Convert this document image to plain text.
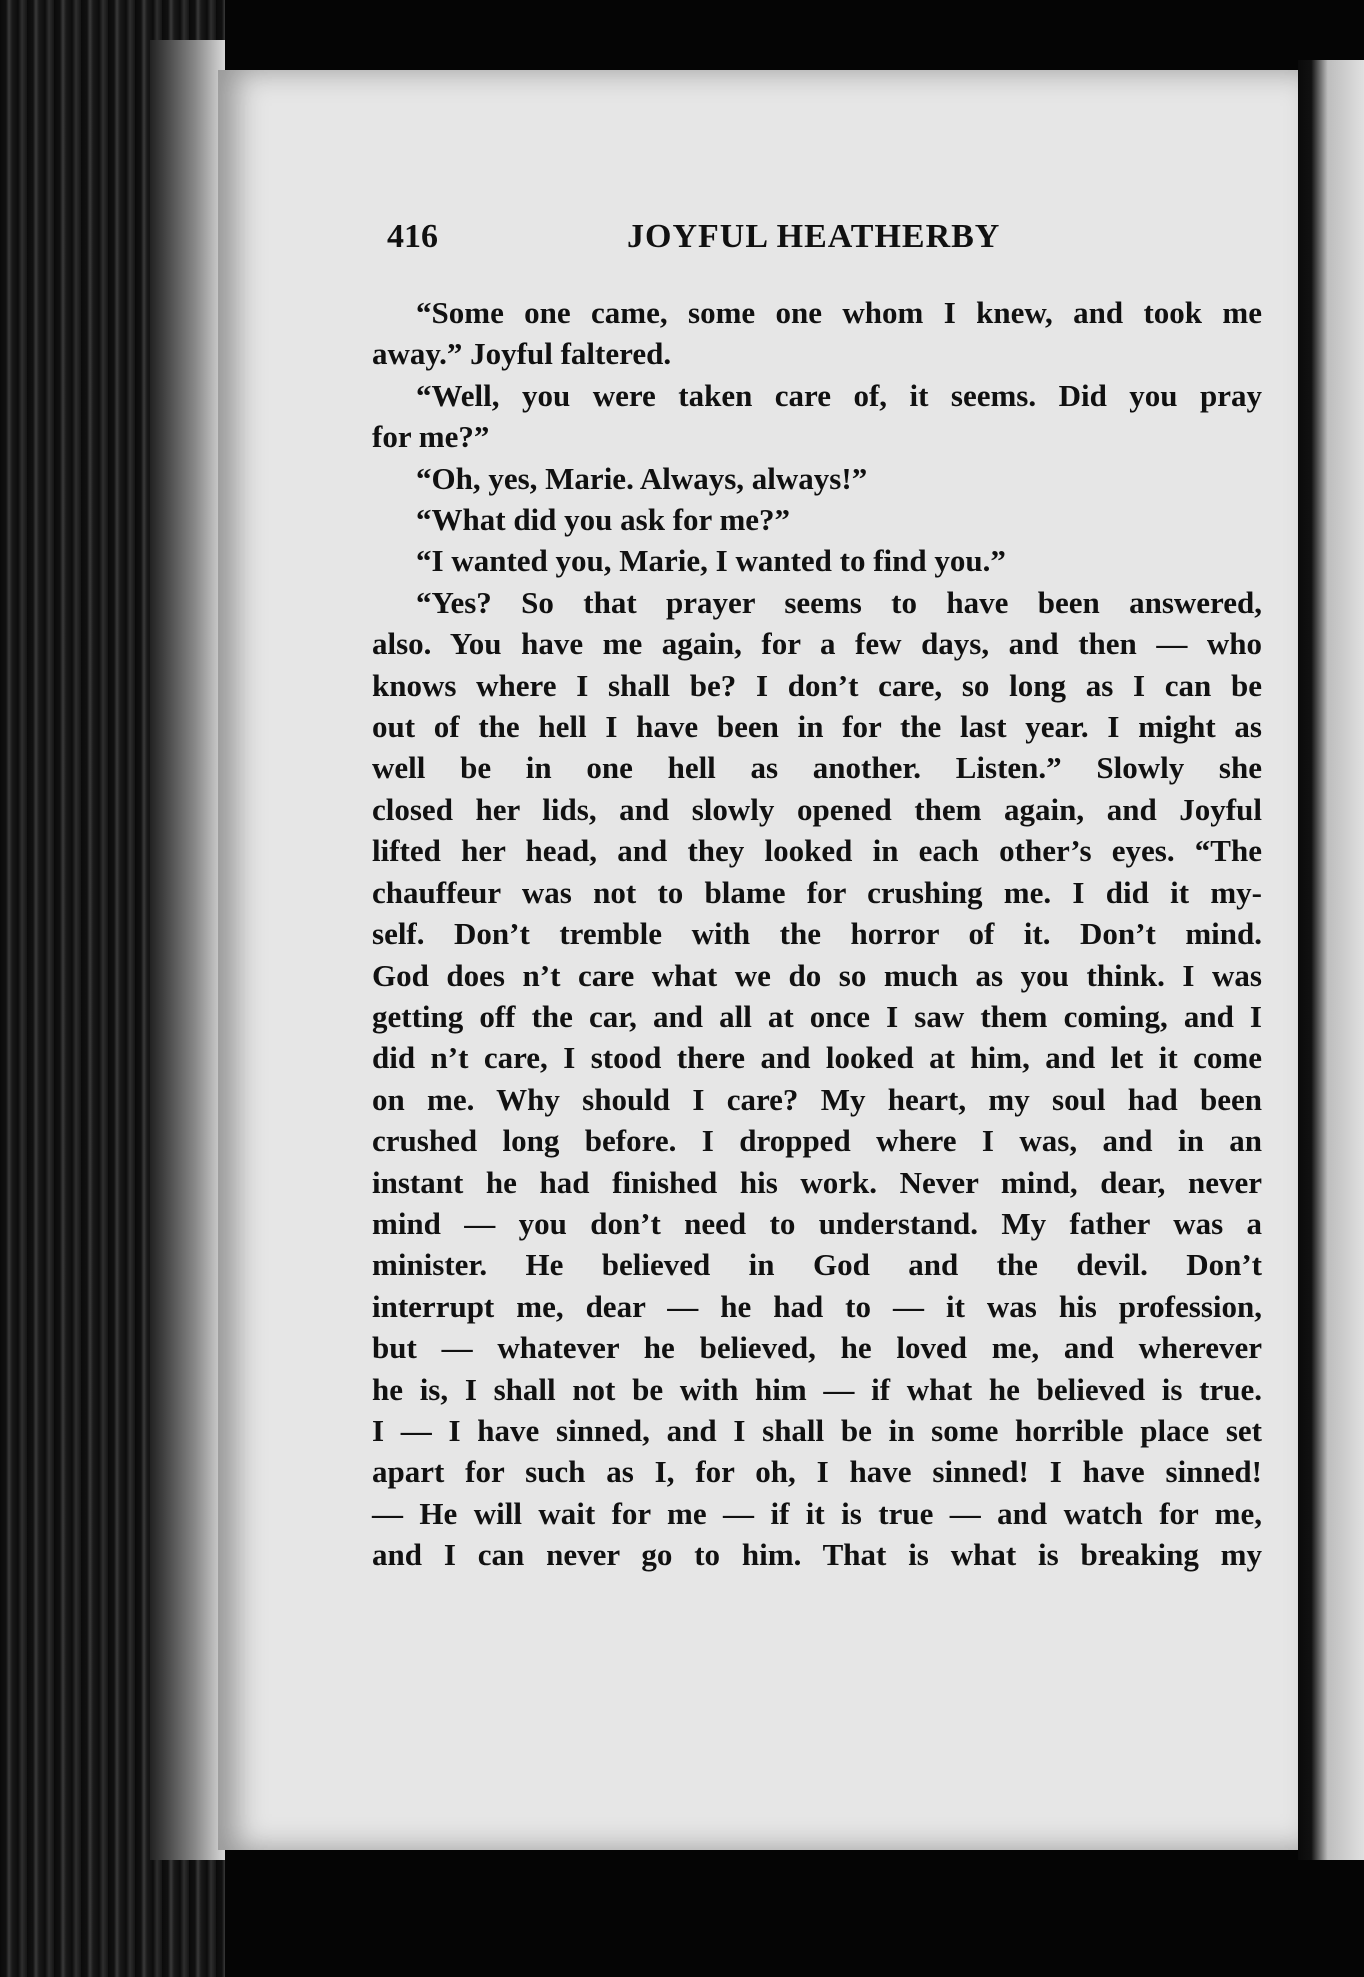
416	JOYFUL HEATHERBY
“Some one came, some one whom I knew, and took me
away.” Joyful faltered.
“Well, you were taken care of, it seems. Did you pray
for me?”
“Oh, yes, Marie. Always, always!”
“What did you ask for me?”
“I wanted you, Marie, I wanted to find you.”
“Yes? So that prayer seems to have been answered,
also. You have me again, for a few days, and then — who
knows where I shall be? I don’t care, so long as I can be
out of the hell I have been in for the last year. I might as
well be in one hell as another. Listen.” Slowly she
closed her lids, and slowly opened them again, and Joyful
lifted her head, and they looked in each other’s eyes. “The
chauffeur was not to blame for crushing me. I did it my-
self. Don’t tremble with the horror of it. Don’t mind.
God does n’t care what we do so much as you think. I was
getting off the car, and all at once I saw them coming, and I
did n’t care, I stood there and looked at him, and let it come
on me. Why should I care? My heart, my soul had been
crushed long before. I dropped where I was, and in an
instant he had finished his work. Never mind, dear, never
mind — you don’t need to understand. My father was a
minister. He believed in God and the devil. Don’t
interrupt me, dear — he had to — it was his profession,
but — whatever he believed, he loved me, and wherever
he is, I shall not be with him — if what he believed is true.
I — I have sinned, and I shall be in some horrible place set
apart for such as I, for oh, I have sinned! I have sinned!
— He will wait for me — if it is true — and watch for me,
and I can never go to him. That is what is breaking my
